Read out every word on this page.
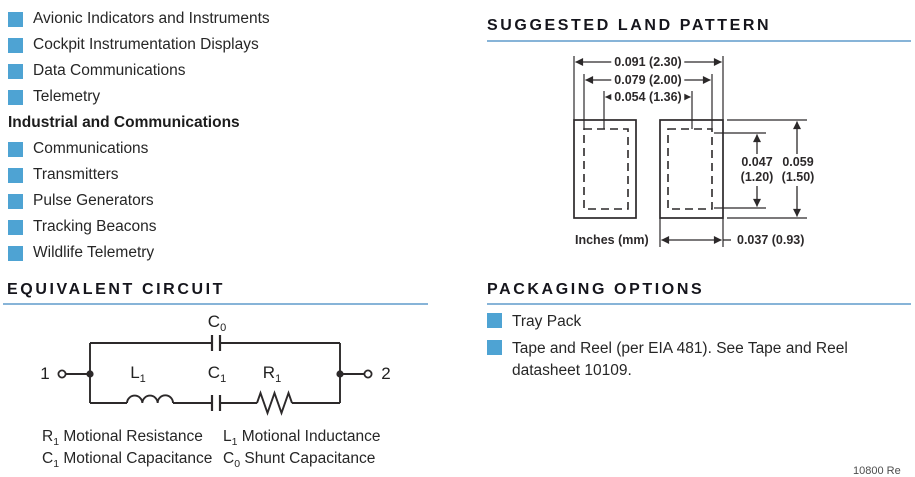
Avionic Indicators and Instruments
Cockpit Instrumentation Displays
Data Communications
Telemetry
Industrial and Communications
Communications
Transmitters
Pulse Generators
Tracking Beacons
Wildlife Telemetry
SUGGESTED LAND PATTERN
0.091 (2.30)
0.079 (2.00)
0.054 (1.36)
0.047
(1.20)
0.059
(1.50)
0.037 (0.93)
Inches (mm)
EQUIVALENT CIRCUIT
1	2
$C_0$
$L_1$	$C_1$ $R_1$
$R_1$ Motional Resistance $L_1$ Motional Inductance
$C_1$ Motional Capacitance $C_0$ Shunt Capacitance
PACKAGING OPTIONS
Tray Pack
Tape and Reel (per EIA 481). See Tape and Reel datasheet 10109.
10800 Re
